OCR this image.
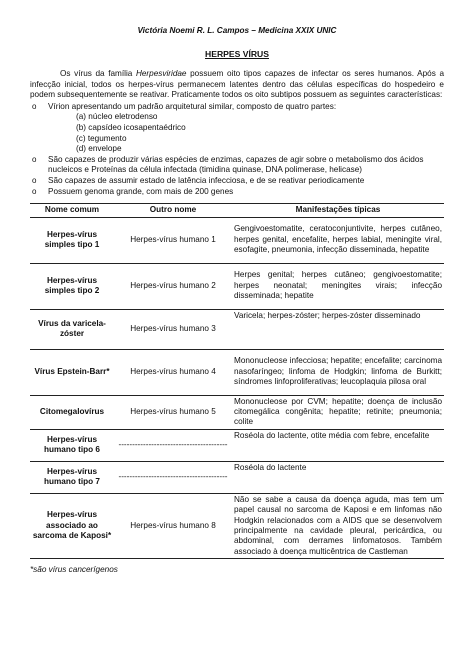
Victória Noemi R. L. Campos – Medicina XXIX UNIC
HERPES VÍRUS

Os vírus da família Herpesviridae possuem oito tipos capazes de infectar os seres humanos. Após a infecção inicial, todos os herpes-vírus permanecem latentes dentro das células específicas do hospedeiro e podem subsequentemente se reativar. Praticamente todos os oito subtipos possuem as seguintes características:

o Vírion apresentando um padrão arquitetural similar, composto de quatro partes:
(a) núcleo eletrodenso
(b) capsídeo icosapentaédrico
(c) tegumento
(d) envelope
o São capazes de produzir várias espécies de enzimas, capazes de agir sobre o metabolismo dos ácidos nucleicos e Proteínas da célula infectada (timidina quinase, DNA polimerase, helicase)
o São capazes de assumir estado de latência infecciosa, e de se reativar periodicamente
o Possuem genoma grande, com mais de 200 genes
Nome comum	Outro nome	Manifestações típicas
Herpes-vírus simples tipo 1	Herpes-vírus humano 1	Gengivoestomatite, ceratoconjuntivite, herpes cutâneo, herpes genital, encefalite, herpes labial, meningite viral, esofagite, pneumonia, infecção disseminada, hepatite
Herpes-vírus simples tipo 2	Herpes-vírus humano 2	Herpes genital; herpes cutâneo; gengivoestomatite; herpes neonatal; meningites virais; infecção disseminada; hepatite
Vírus da varicela-zóster	Herpes-vírus humano 3	Varicela; herpes-zóster; herpes-zóster disseminado
Vírus Epstein-Barr*	Herpes-vírus humano 4	Mononucleose infecciosa; hepatite; encefalite; carcinoma nasofaríngeo; linfoma de Hodgkin; linfoma de Burkitt; síndromes linfoproliferativas; leucoplaquia pilosa oral
Citomegalovírus	Herpes-vírus humano 5	Mononucleose por CVM; hepatite; doença de inclusão citomegálica congênita; hepatite; retinite; pneumonia; colite
Herpes-vírus humano tipo 6	----------------------------------------	Roséola do lactente, otite média com febre, encefalite
Herpes-vírus humano tipo 7	----------------------------------------	Roséola do lactente
Herpes-vírus associado ao sarcoma de Kaposi*	Herpes-vírus humano 8	Não se sabe a causa da doença aguda, mas tem um papel causal no sarcoma de Kaposi e em linfomas não Hodgkin relacionados com a AIDS que se desenvolvem principalmente na cavidade pleural, pericárdica, ou abdominal, com derrames linfomatosos. Também associado à doença multicêntrica de Castleman
*são vírus cancerígenos
